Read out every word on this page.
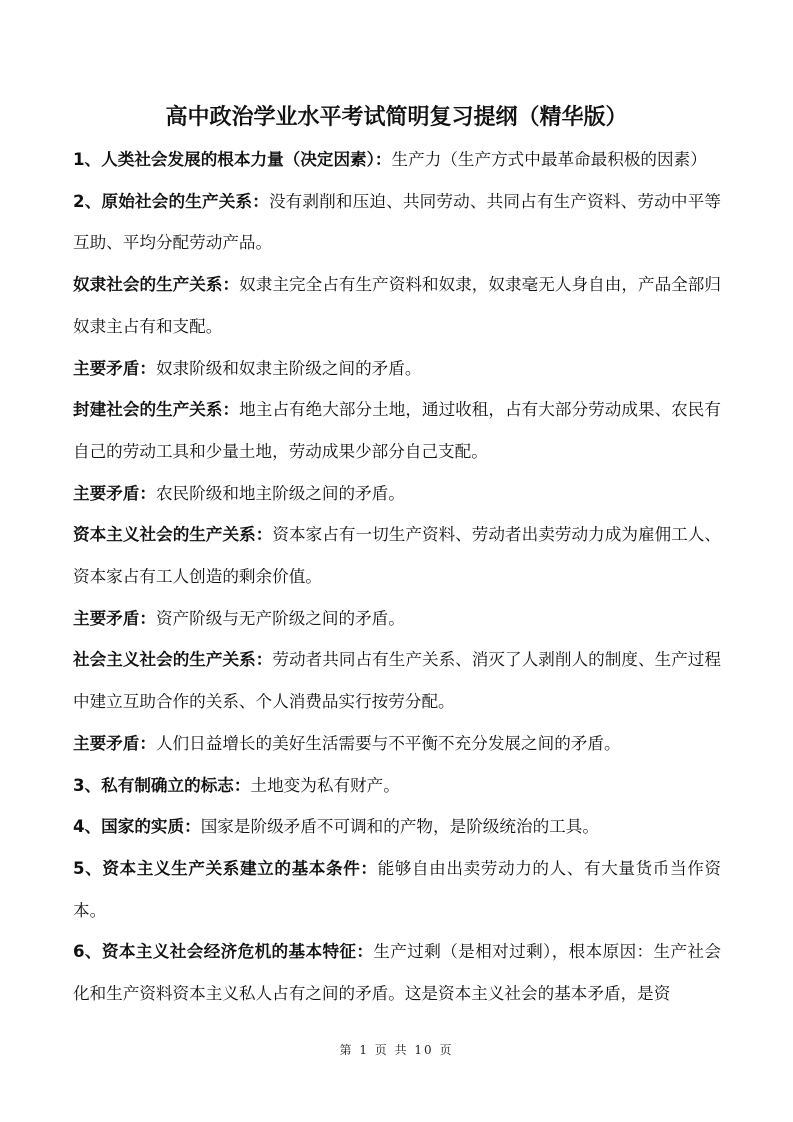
高中政治学业水平考试简明复习提纲（精华版）

1、人类社会发展的根本力量（决定因素）：生产力（生产方式中最革命最积极的因素）

2、原始社会的生产关系：没有剥削和压迫、共同劳动、共同占有生产资料、劳动中平等互助、平均分配劳动产品。

奴隶社会的生产关系：奴隶主完全占有生产资料和奴隶，奴隶毫无人身自由，产品全部归奴隶主占有和支配。

主要矛盾：奴隶阶级和奴隶主阶级之间的矛盾。

封建社会的生产关系：地主占有绝大部分土地，通过收租，占有大部分劳动成果、农民有自己的劳动工具和少量土地，劳动成果少部分自己支配。

主要矛盾：农民阶级和地主阶级之间的矛盾。

资本主义社会的生产关系：资本家占有一切生产资料、劳动者出卖劳动力成为雇佣工人、资本家占有工人创造的剩余价值。

主要矛盾：资产阶级与无产阶级之间的矛盾。

社会主义社会的生产关系：劳动者共同占有生产关系、消灭了人剥削人的制度、生产过程中建立互助合作的关系、个人消费品实行按劳分配。

主要矛盾：人们日益增长的美好生活需要与不平衡不充分发展之间的矛盾。

3、私有制确立的标志：土地变为私有财产。

4、国家的实质：国家是阶级矛盾不可调和的产物，是阶级统治的工具。

5、资本主义生产关系建立的基本条件：能够自由出卖劳动力的人、有大量货币当作资本。

6、资本主义社会经济危机的基本特征：生产过剩（是相对过剩），根本原因：生产社会化和生产资料资本主义私人占有之间的矛盾。这是资本主义社会的基本矛盾，是资

第 1 页 共 10 页
